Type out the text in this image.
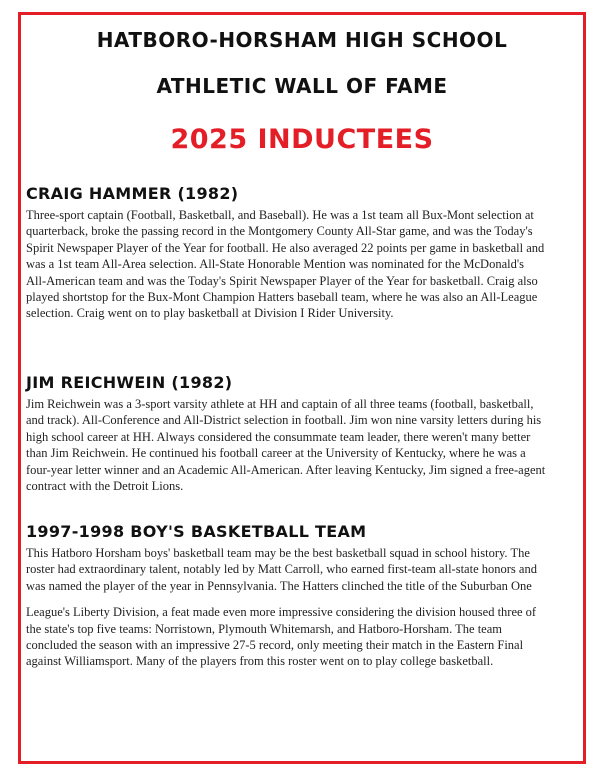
HATBORO-HORSHAM HIGH SCHOOL
ATHLETIC WALL OF FAME
2025 INDUCTEES
CRAIG HAMMER (1982)

Three-sport captain (Football, Basketball, and Baseball). He was a 1st team all Bux-Mont selection at quarterback, broke the passing record in the Montgomery County All-Star game, and was the Today's Spirit Newspaper Player of the Year for football. He also averaged 22 points per game in basketball and was a 1st team All-Area selection. All-State Honorable Mention was nominated for the McDonald's All-American team and was the Today's Spirit Newspaper Player of the Year for basketball. Craig also played shortstop for the Bux-Mont Champion Hatters baseball team, where he was also an All-League selection. Craig went on to play basketball at Division I Rider University.

JIM REICHWEIN (1982)

Jim Reichwein was a 3-sport varsity athlete at HH and captain of all three teams (football, basketball, and track). All-Conference and All-District selection in football. Jim won nine varsity letters during his high school career at HH. Always considered the consummate team leader, there weren't many better than Jim Reichwein. He continued his football career at the University of Kentucky, where he was a four-year letter winner and an Academic All-American. After leaving Kentucky, Jim signed a free-agent contract with the Detroit Lions.

1997-1998 BOY'S BASKETBALL TEAM

This Hatboro Horsham boys' basketball team may be the best basketball squad in school history. The roster had extraordinary talent, notably led by Matt Carroll, who earned first-team all-state honors and was named the player of the year in Pennsylvania. The Hatters clinched the title of the Suburban One

League's Liberty Division, a feat made even more impressive considering the division housed three of the state's top five teams: Norristown, Plymouth Whitemarsh, and Hatboro-Horsham. The team concluded the season with an impressive 27-5 record, only meeting their match in the Eastern Final against Williamsport. Many of the players from this roster went on to play college basketball.
